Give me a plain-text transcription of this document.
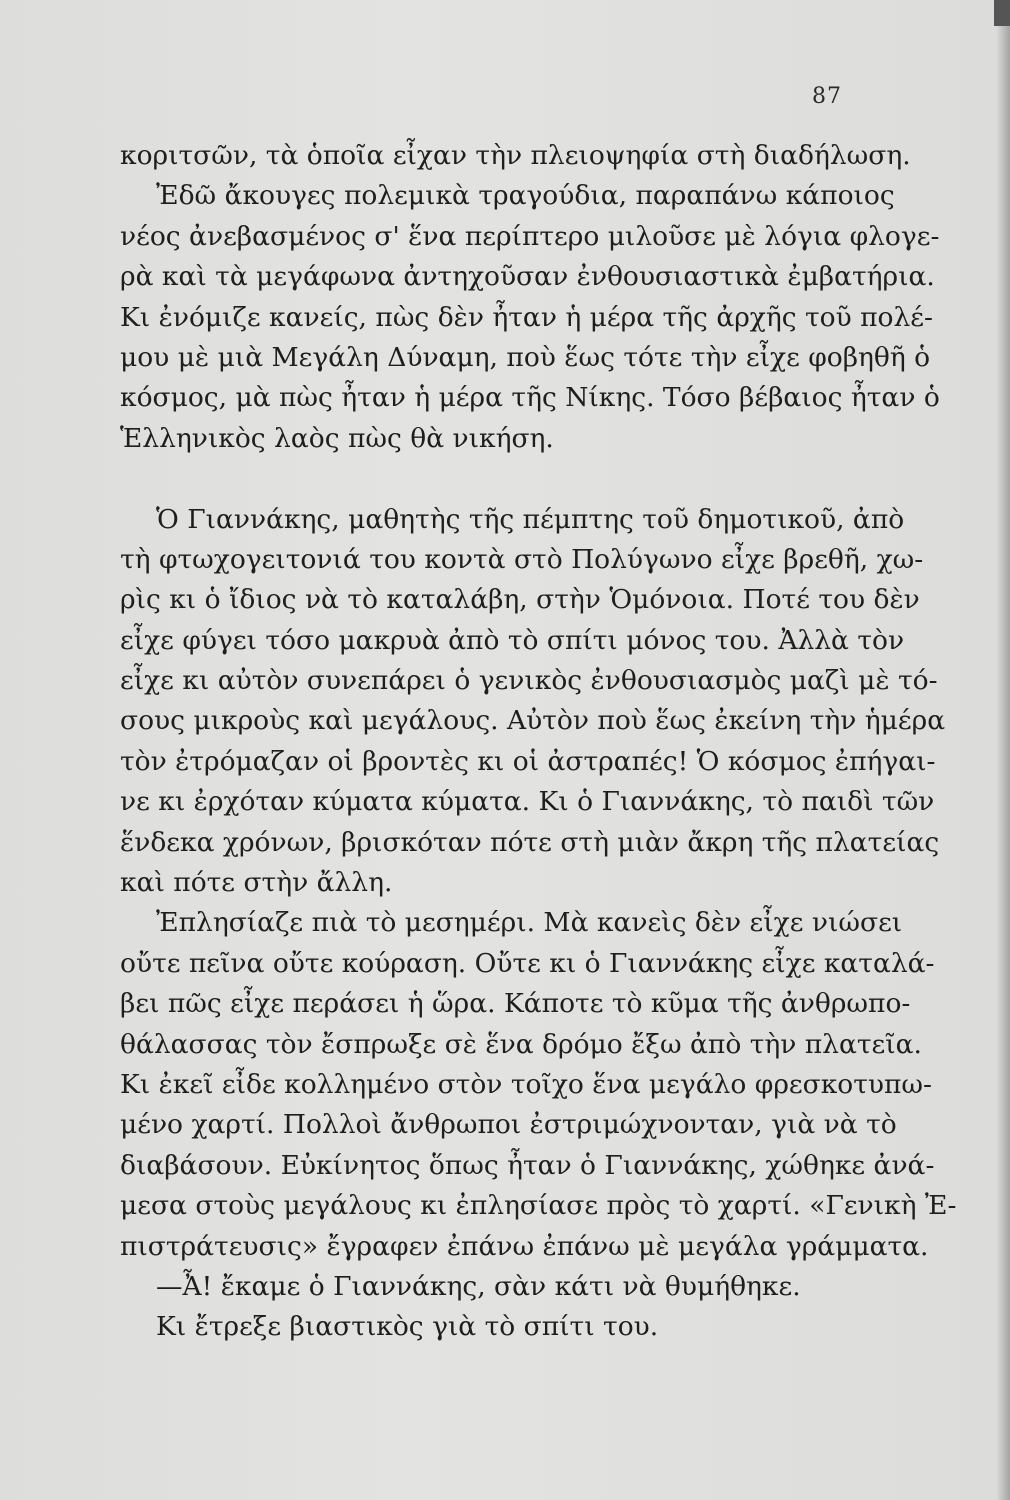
87
κοριτσῶν, τὰ ὁποῖα εἶχαν τὴν πλειοψηφία στὴ διαδήλωση.
Ἐδῶ ἄκουγες πολεμικὰ τραγούδια, παραπάνω κάποιος
νέος ἀνεβασμένος σ' ἕνα περίπτερο μιλοῦσε μὲ λόγια φλογε-
ρὰ καὶ τὰ μεγάφωνα ἀντηχοῦσαν ἐνθουσιαστικὰ ἐμβατήρια.
Κι ἐνόμιζε κανείς, πὼς δὲν ἦταν ἡ μέρα τῆς ἀρχῆς τοῦ πολέ-
μου μὲ μιὰ Μεγάλη Δύναμη, ποὺ ἕως τότε τὴν εἶχε φοβηθῆ ὁ
κόσμος, μὰ πὼς ἦταν ἡ μέρα τῆς Νίκης. Τόσο βέβαιος ἦταν ὁ
Ἑλληνικὸς λαὸς πὼς θὰ νικήση.
Ὁ Γιαννάκης, μαθητὴς τῆς πέμπτης τοῦ δημοτικοῦ, ἀπὸ
τὴ φτωχογειτονιά του κοντὰ στὸ Πολύγωνο εἶχε βρεθῆ, χω-
ρὶς κι ὁ ἴδιος νὰ τὸ καταλάβη, στὴν Ὁμόνοια. Ποτέ του δὲν
εἶχε φύγει τόσο μακρυὰ ἀπὸ τὸ σπίτι μόνος του. Ἀλλὰ τὸν
εἶχε κι αὐτὸν συνεπάρει ὁ γενικὸς ἐνθουσιασμὸς μαζὶ μὲ τό-
σους μικροὺς καὶ μεγάλους. Αὐτὸν ποὺ ἕως ἐκείνη τὴν ἡμέρα
τὸν ἐτρόμαζαν οἱ βροντὲς κι οἱ ἀστραπές! Ὁ κόσμος ἐπήγαι-
νε κι ἐρχόταν κύματα κύματα. Κι ὁ Γιαννάκης, τὸ παιδὶ τῶν
ἕνδεκα χρόνων, βρισκόταν πότε στὴ μιὰν ἄκρη τῆς πλατείας
καὶ πότε στὴν ἄλλη.
Ἐπλησίαζε πιὰ τὸ μεσημέρι. Μὰ κανεὶς δὲν εἶχε νιώσει
οὔτε πεῖνα οὔτε κούραση. Οὔτε κι ὁ Γιαννάκης εἶχε καταλά-
βει πῶς εἶχε περάσει ἡ ὥρα. Κάποτε τὸ κῦμα τῆς ἀνθρωπο-
θάλασσας τὸν ἔσπρωξε σὲ ἕνα δρόμο ἔξω ἀπὸ τὴν πλατεῖα.
Κι ἐκεῖ εἶδε κολλημένο στὸν τοῖχο ἕνα μεγάλο φρεσκοτυπω-
μένο χαρτί. Πολλοὶ ἄνθρωποι ἐστριμώχνονταν, γιὰ νὰ τὸ
διαβάσουν. Εὐκίνητος ὅπως ἦταν ὁ Γιαννάκης, χώθηκε ἀνά-
μεσα στοὺς μεγάλους κι ἐπλησίασε πρὸς τὸ χαρτί. «Γενικὴ Ἐ-
πιστράτευσις» ἔγραφεν ἐπάνω ἐπάνω μὲ μεγάλα γράμματα.
—Ἆ! ἔκαμε ὁ Γιαννάκης, σὰν κάτι νὰ θυμήθηκε.
Κι ἔτρεξε βιαστικὸς γιὰ τὸ σπίτι του.
